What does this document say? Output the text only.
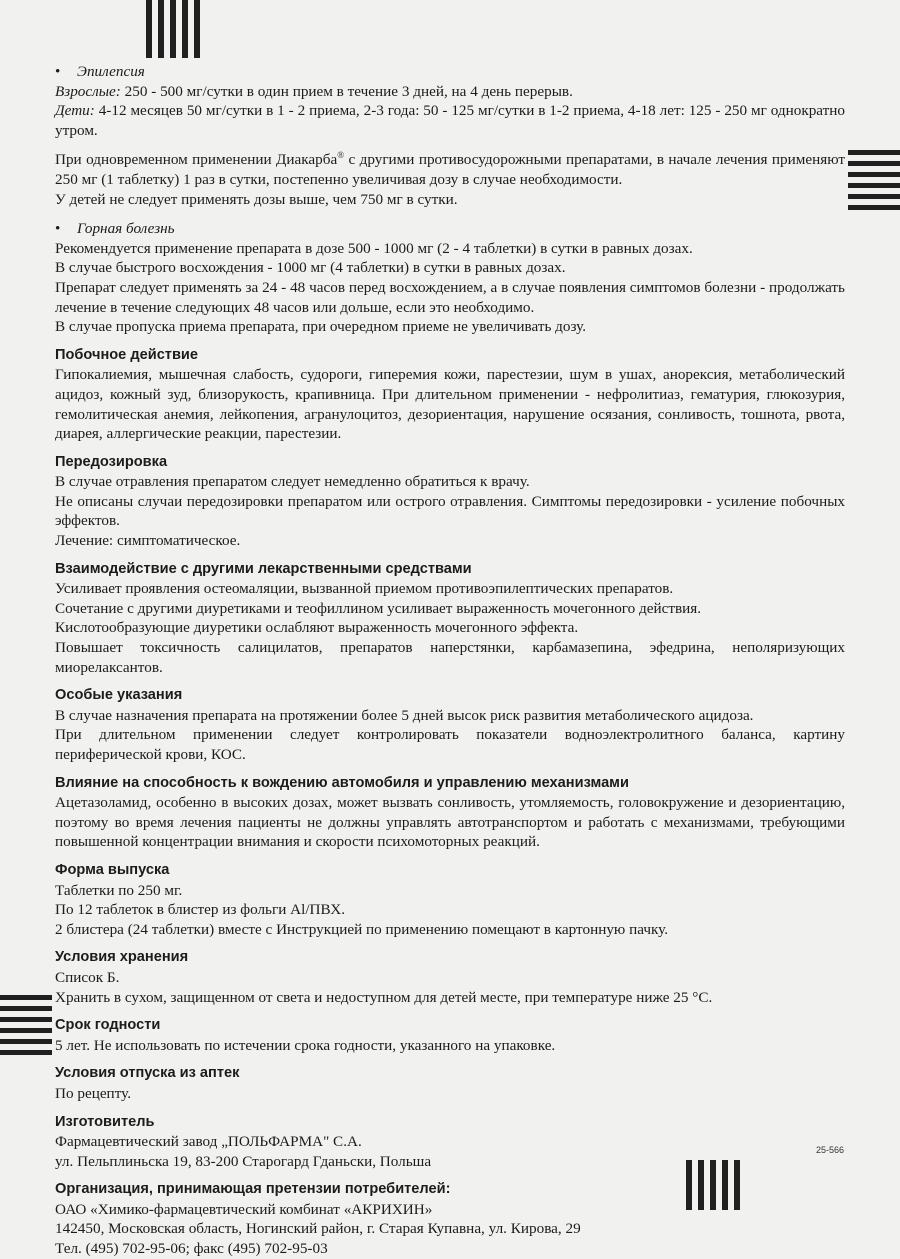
• Эпилепсия

Взрослые: 250 - 500 мг/сутки в один прием в течение 3 дней, на 4 день перерыв.

Дети: 4-12 месяцев 50 мг/сутки в 1 - 2 приема, 2-3 года: 50 - 125 мг/сутки в 1-2 приема, 4-18 лет: 125 - 250 мг однократно утром.

При одновременном применении Диакарба® с другими противосудорожными препаратами, в начале лечения применяют 250 мг (1 таблетку) 1 раз в сутки, постепенно увеличивая дозу в случае необходимости.

У детей не следует применять дозы выше, чем 750 мг в сутки.

• Горная болезнь

Рекомендуется применение препарата в дозе 500 - 1000 мг (2 - 4 таблетки) в сутки в равных дозах.

В случае быстрого восхождения - 1000 мг (4 таблетки) в сутки в равных дозах.

Препарат следует применять за 24 - 48 часов перед восхождением, а в случае появления симптомов болезни - продолжать лечение в течение следующих 48 часов или дольше, если это необходимо.

В случае пропуска приема препарата, при очередном приеме не увеличивать дозу.

Побочное действие

Гипокалиемия, мышечная слабость, судороги, гиперемия кожи, парестезии, шум в ушах, анорексия, метаболический ацидоз, кожный зуд, близорукость, крапивница. При длительном применении - нефролитиаз, гематурия, глюкозурия, гемолитическая анемия, лейкопения, агранулоцитоз, дезориентация, нарушение осязания, сонливость, тошнота, рвота, диарея, аллергические реакции, парестезии.

Передозировка

В случае отравления препаратом следует немедленно обратиться к врачу.

Не описаны случаи передозировки препаратом или острого отравления. Симптомы передозировки - усиление побочных эффектов.

Лечение: симптоматическое.

Взаимодействие с другими лекарственными средствами

Усиливает проявления остеомаляции, вызванной приемом противоэпилептических препаратов.

Сочетание с другими диуретиками и теофиллином усиливает выраженность мочегонного действия.

Кислотообразующие диуретики ослабляют выраженность мочегонного эффекта.

Повышает токсичность салицилатов, препаратов наперстянки, карбамазепина, эфедрина, неполяризующих миорелаксантов.

Особые указания

В случае назначения препарата на протяжении более 5 дней высок риск развития метаболического ацидоза.

При длительном применении следует контролировать показатели водноэлектролитного баланса, картину периферической крови, КОС.

Влияние на способность к вождению автомобиля и управлению механизмами

Ацетазоламид, особенно в высоких дозах, может вызвать сонливость, утомляемость, головокружение и дезориентацию, поэтому во время лечения пациенты не должны управлять автотранспортом и работать с механизмами, требующими повышенной концентрации внимания и скорости психомоторных реакций.

Форма выпуска

Таблетки по 250 мг.

По 12 таблеток в блистер из фольги Al/ПВХ.

2 блистера (24 таблетки) вместе с Инструкцией по применению помещают в картонную пачку.

Условия хранения

Список Б.

Хранить в сухом, защищенном от света и недоступном для детей месте, при температуре ниже 25 °С.

Срок годности

5 лет. Не использовать по истечении срока годности, указанного на упаковке.

Условия отпуска из аптек

По рецепту.

Изготовитель

Фармацевтический завод „ПОЛЬФАРМА" С.А.

ул. Пельплиньска 19, 83-200 Старогард Гданьски, Польша

Организация, принимающая претензии потребителей:

ОАО «Химико-фармацевтический комбинат «АКРИХИН»

142450, Московская область, Ногинский район, г. Старая Купавна, ул. Кирова, 29

Тел. (495) 702-95-06; факс (495) 702-95-03

25-566
